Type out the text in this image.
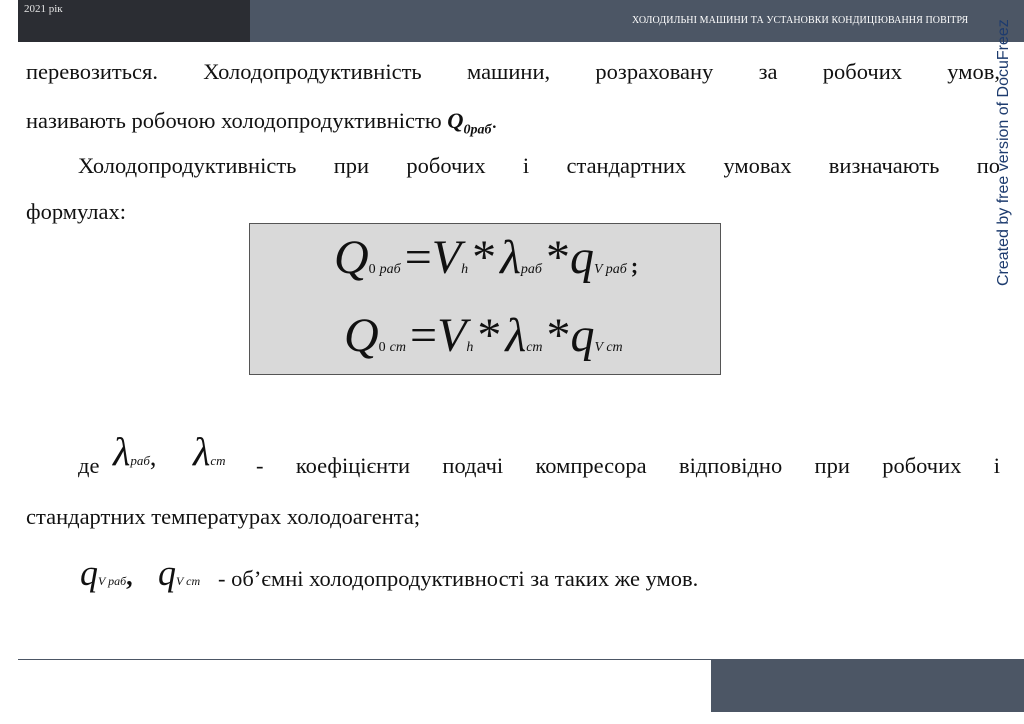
2021 рік
ХОЛОДИЛЬНІ МАШИНИ ТА УСТАНОВКИ КОНДИЦІЮВАННЯ ПОВІТРЯ Created by free version of DocuFreez
перевозиться. Холодопродуктивність машини, розраховану за робочих умов,
називають робочою холодопродуктивністю $Q_{0раб}$.
Холодопродуктивність при робочих і стандартних умовах визначають по
формулах:
Q0 раб =Vh * λраб *qV раб ;
Q0 ст =Vh * λст *qV ст
де λраб, λст - коефіцієнти подачі компресора відповідно при робочих і
стандартних температурах холодоагента;
qV раб, qV ст - об’ємні холодопродуктивності за таких же умов.
